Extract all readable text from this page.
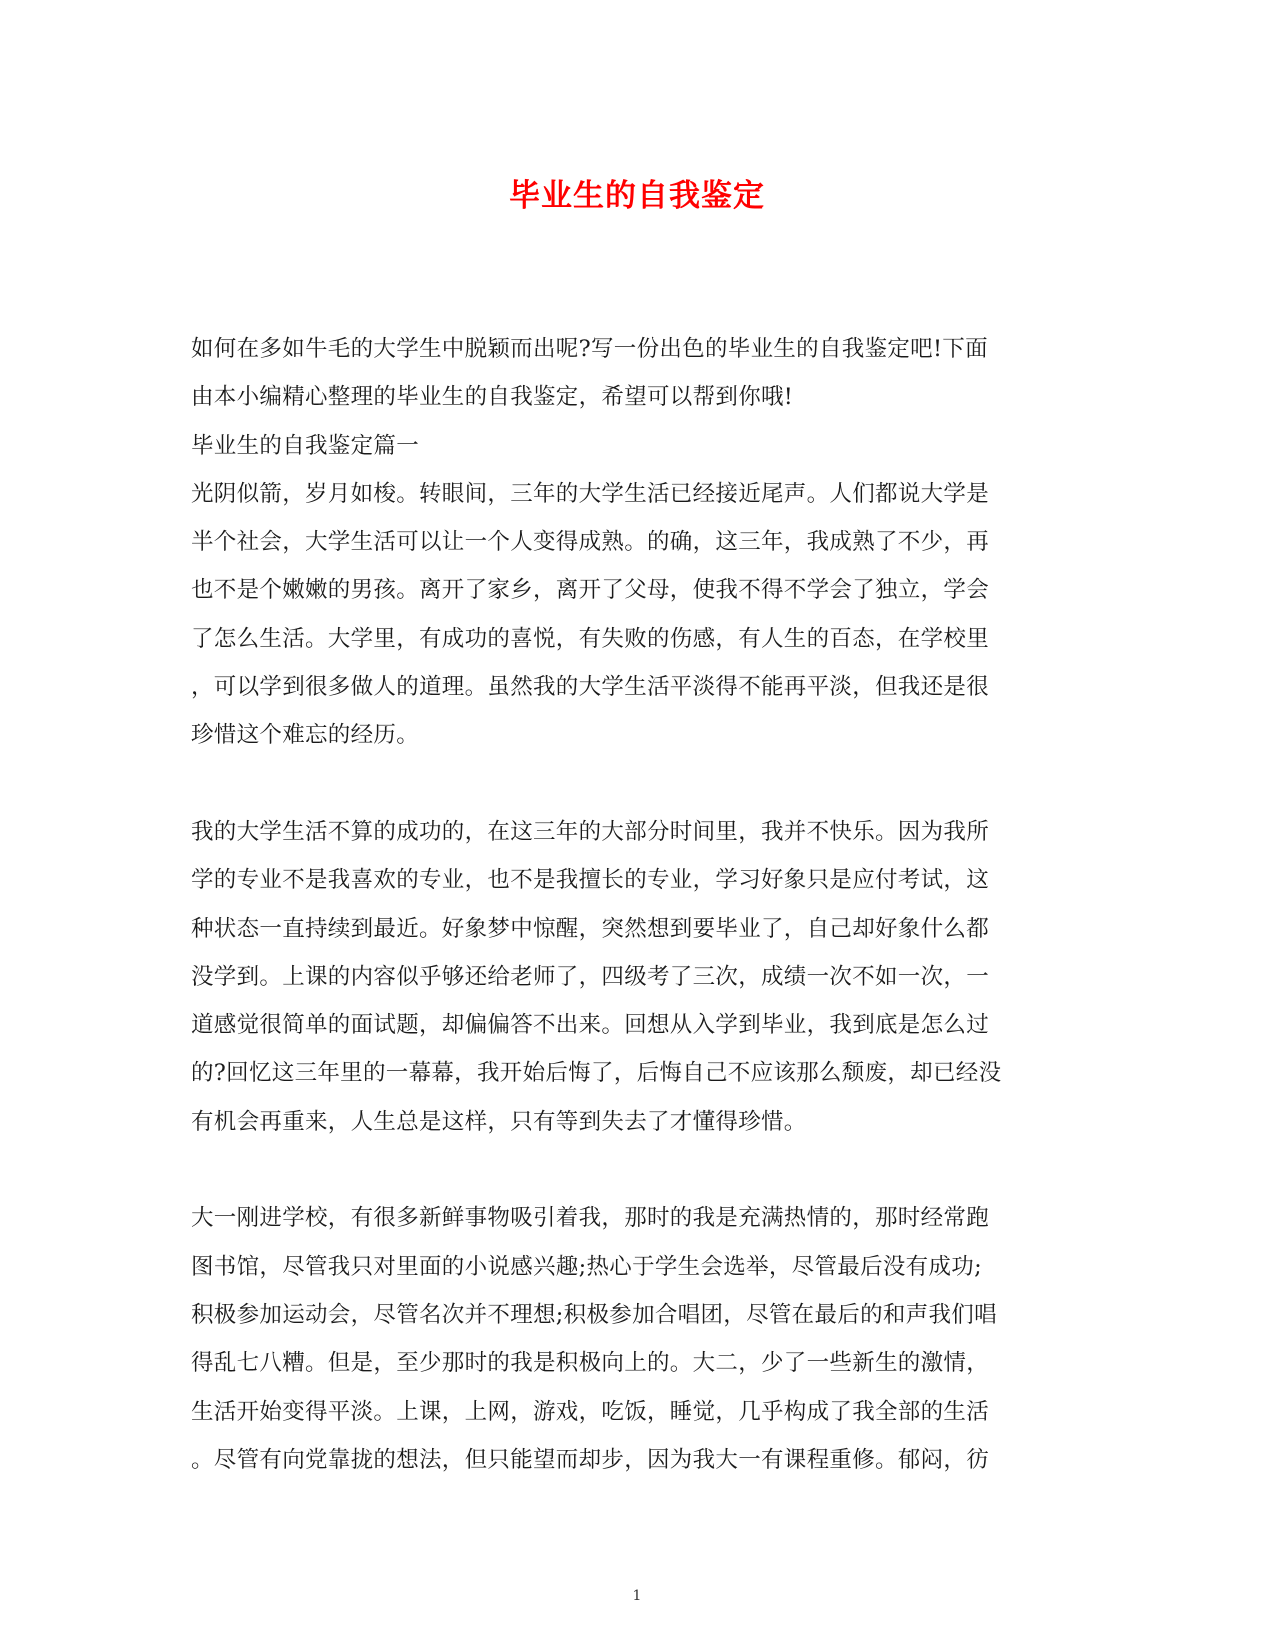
毕业生的自我鉴定
如何在多如牛毛的大学生中脱颖而出呢?写一份出色的毕业生的自我鉴定吧!下面
由本小编精心整理的毕业生的自我鉴定，希望可以帮到你哦!
毕业生的自我鉴定篇一
光阴似箭，岁月如梭。转眼间，三年的大学生活已经接近尾声。人们都说大学是
半个社会，大学生活可以让一个人变得成熟。的确，这三年，我成熟了不少，再
也不是个嫩嫩的男孩。离开了家乡，离开了父母，使我不得不学会了独立，学会
了怎么生活。大学里，有成功的喜悦，有失败的伤感，有人生的百态，在学校里
，可以学到很多做人的道理。虽然我的大学生活平淡得不能再平淡，但我还是很
珍惜这个难忘的经历。
我的大学生活不算的成功的，在这三年的大部分时间里，我并不快乐。因为我所
学的专业不是我喜欢的专业，也不是我擅长的专业，学习好象只是应付考试，这
种状态一直持续到最近。好象梦中惊醒，突然想到要毕业了，自己却好象什么都
没学到。上课的内容似乎够还给老师了，四级考了三次，成绩一次不如一次，一
道感觉很简单的面试题，却偏偏答不出来。回想从入学到毕业，我到底是怎么过
的?回忆这三年里的一幕幕，我开始后悔了，后悔自己不应该那么颓废，却已经没
有机会再重来，人生总是这样，只有等到失去了才懂得珍惜。
大一刚进学校，有很多新鲜事物吸引着我，那时的我是充满热情的，那时经常跑
图书馆，尽管我只对里面的小说感兴趣;热心于学生会选举，尽管最后没有成功;
积极参加运动会，尽管名次并不理想;积极参加合唱团，尽管在最后的和声我们唱
得乱七八糟。但是，至少那时的我是积极向上的。大二，少了一些新生的激情，
生活开始变得平淡。上课，上网，游戏，吃饭，睡觉，几乎构成了我全部的生活
。尽管有向党靠拢的想法，但只能望而却步，因为我大一有课程重修。郁闷，彷
1
